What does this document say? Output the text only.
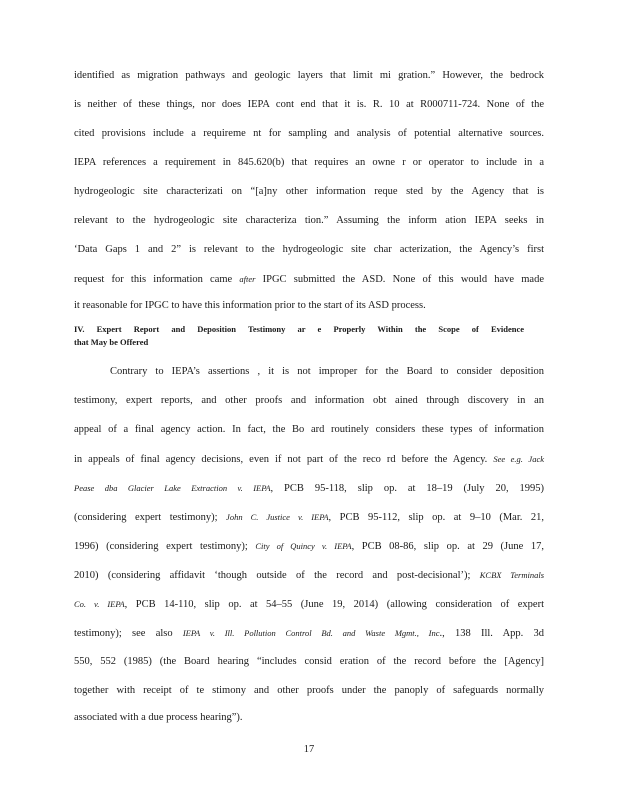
identified as migration pathways and geologic layers that limit mi gration.” However, the bedrock
is neither of these things, nor does IEPA cont end that it is. R. 10 at R000711-724. None of the
cited provisions include a requireme nt for sampling and analysis of potential alternative sources.
IEPA references a requirement in 845.620(b) that requires an owne r or operator to include in a
hydrogeologic site characterizati on “[a]ny other information reque sted by the Agency that is
relevant to the hydrogeologic site characteriza tion.” Assuming the inform ation IEPA seeks in
‘Data Gaps 1 and 2” is relevant to the hydrogeologic site char acterization, the Agency’s first
request for this information came after IPGC submitted the ASD. None of this would have made
it reasonable for IPGC to have this information prior to the start of its ASD process.
IV. Expert Report and Deposition Testimony ar e Properly Within the Scope of Evidence
that May be Offered
Contrary to IEPA’s assertions , it is not improper for the Board to consider deposition
testimony, expert reports, and other proofs and information obt ained through discovery in an
appeal of a final agency action. In fact, the Bo ard routinely considers these types of information
in appeals of final agency decisions, even if not part of the reco rd before the Agency. See e.g. Jack
Pease dba Glacier Lake Extraction v. IEPA, PCB 95-118, slip op. at 18–19 (July 20, 1995)
(considering expert testimony); John C. Justice v. IEPA, PCB 95-112, slip op. at 9–10 (Mar. 21,
1996) (considering expert testimony); City of Quincy v. IEPA, PCB 08-86, slip op. at 29 (June 17,
2010) (considering affidavit ‘though outside of the record and post-decisional’); KCBX Terminals
Co. v. IEPA, PCB 14-110, slip op. at 54–55 (June 19, 2014) (allowing consideration of expert
testimony); see also IEPA v. Ill. Pollution Control Bd. and Waste Mgmt., Inc., 138 Ill. App. 3d
550, 552 (1985) (the Board hearing “includes consid eration of the record before the [Agency]
together with receipt of te stimony and other proofs under the panoply of safeguards normally
associated with a due process hearing”).
17
